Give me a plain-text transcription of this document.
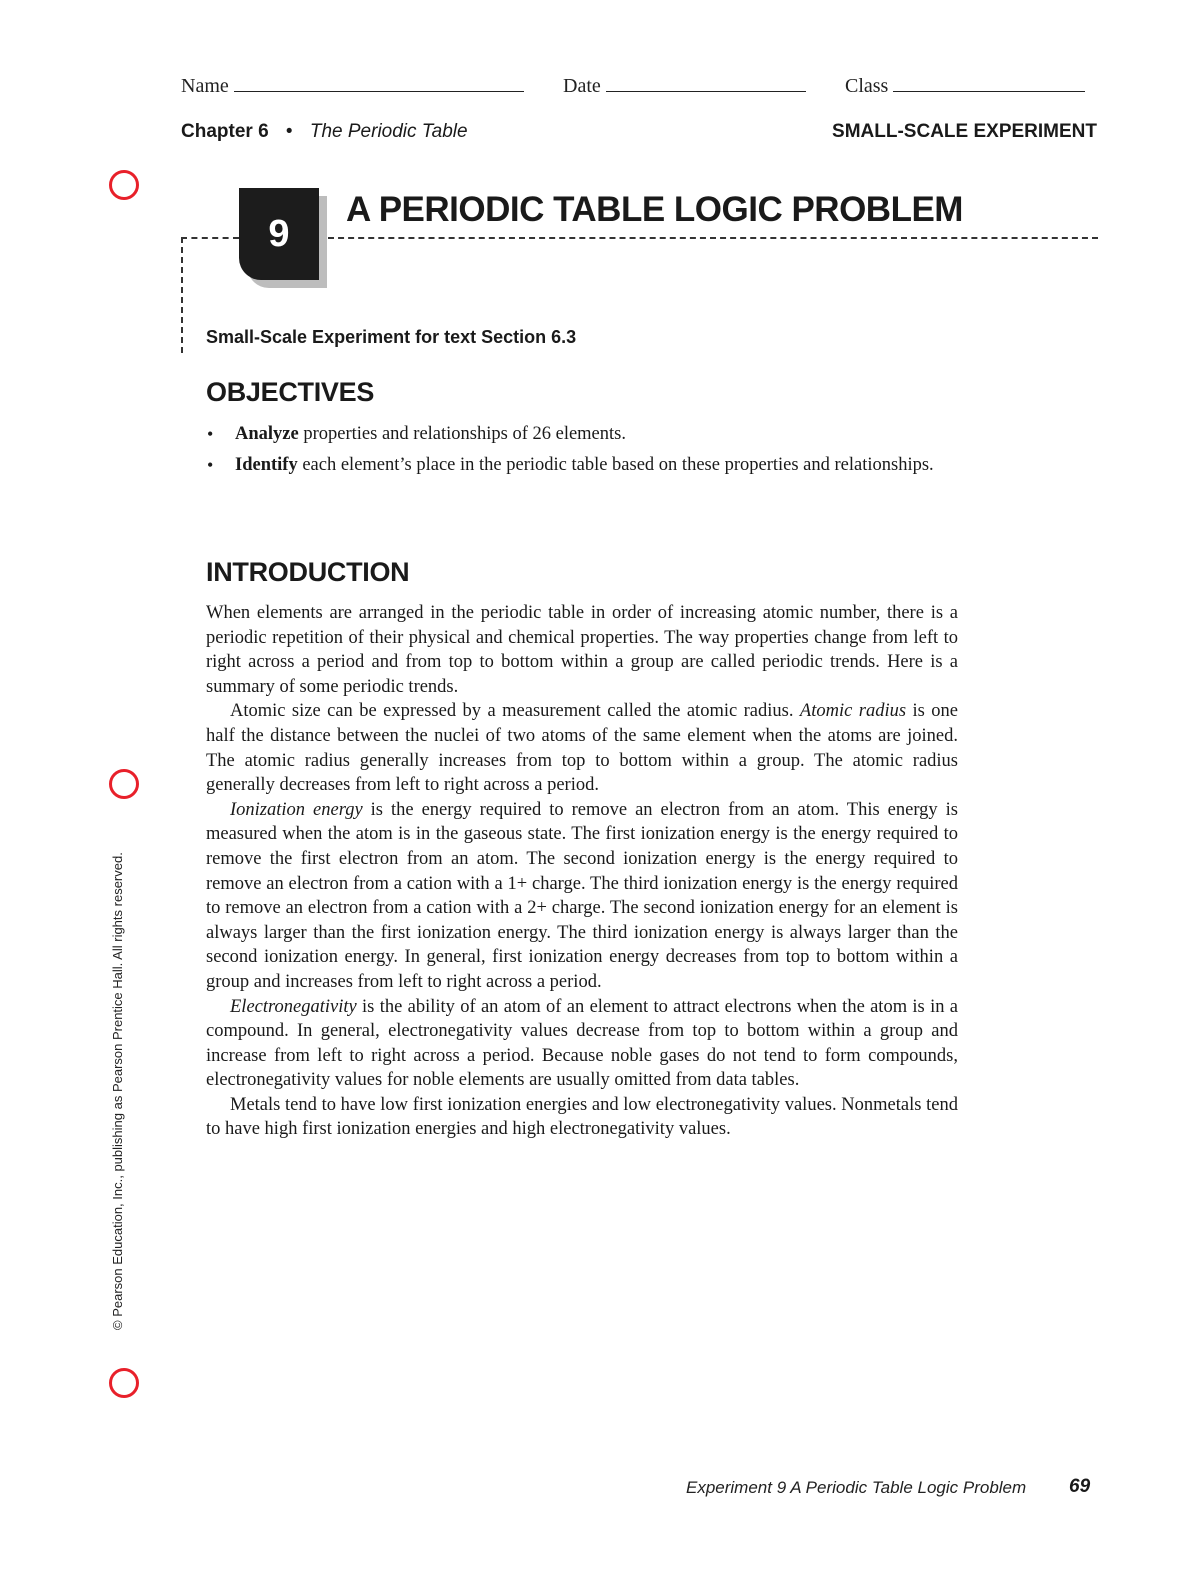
Name	Date	Class
Chapter 6 • The Periodic Table	SMALL-SCALE EXPERIMENT
9
A PERIODIC TABLE LOGIC PROBLEM
Small-Scale Experiment for text Section 6.3
OBJECTIVES
• Analyze properties and relationships of 26 elements.
• Identify each element’s place in the periodic table based on these properties and relationships.
INTRODUCTION

When elements are arranged in the periodic table in order of increasing atomic number, there is a periodic repetition of their physical and chemical properties. The way properties change from left to right across a period and from top to bottom within a group are called periodic trends. Here is a summary of some periodic trends.

Atomic size can be expressed by a measurement called the atomic radius. Atomic radius is one half the distance between the nuclei of two atoms of the same element when the atoms are joined. The atomic radius generally increases from top to bottom within a group. The atomic radius generally decreases from left to right across a period.

Ionization energy is the energy required to remove an electron from an atom. This energy is measured when the atom is in the gaseous state. The first ionization energy is the energy required to remove the first electron from an atom. The second ionization energy is the energy required to remove an electron from a cation with a 1+ charge. The third ionization energy is the energy required to remove an electron from a cation with a 2+ charge. The second ionization energy for an element is always larger than the first ionization energy. The third ionization energy is always larger than the second ionization energy. In general, first ionization energy decreases from top to bottom within a group and increases from left to right across a period.

Electronegativity is the ability of an atom of an element to attract electrons when the atom is in a compound. In general, electronegativity values decrease from top to bottom within a group and increase from left to right across a period. Because noble gases do not tend to form compounds, electronegativity values for noble elements are usually omitted from data tables.

Metals tend to have low first ionization energies and low electronegativity values. Nonmetals tend to have high first ionization energies and high electronegativity values.

© Pearson Education, Inc., publishing as Pearson Prentice Hall. All rights reserved.
Experiment 9 A Periodic Table Logic Problem 69
